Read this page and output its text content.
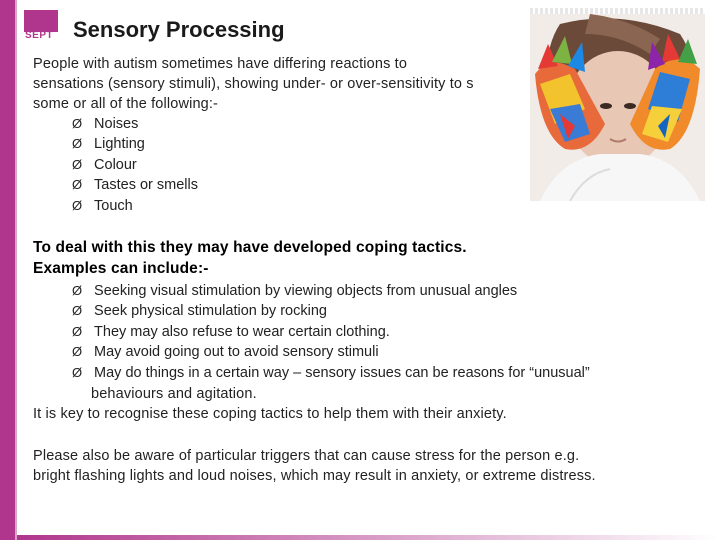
SEPT Sensory Processing
People with autism sometimes have differing reactions to
sensations (sensory stimuli), showing under- or over-sensitivity to s
some or all of the following:-
Ø Noises
Ø Lighting
Ø Colour
Ø Tastes or smells
Ø Touch
To deal with this they may have developed coping tactics.
Examples can include:-
Ø Seeking visual stimulation by viewing objects from unusual angles
Ø Seek physical stimulation by rocking
Ø They may also refuse to wear certain clothing.
Ø May avoid going out to avoid sensory stimuli
Ø May do things in a certain way – sensory issues can be reasons for “unusual”
behaviours and agitation.
It is key to recognise these coping tactics to help them with their anxiety.
Please also be aware of particular triggers that can cause stress for the person e.g.
bright flashing lights and loud noises, which may result in anxiety, or extreme distress.
